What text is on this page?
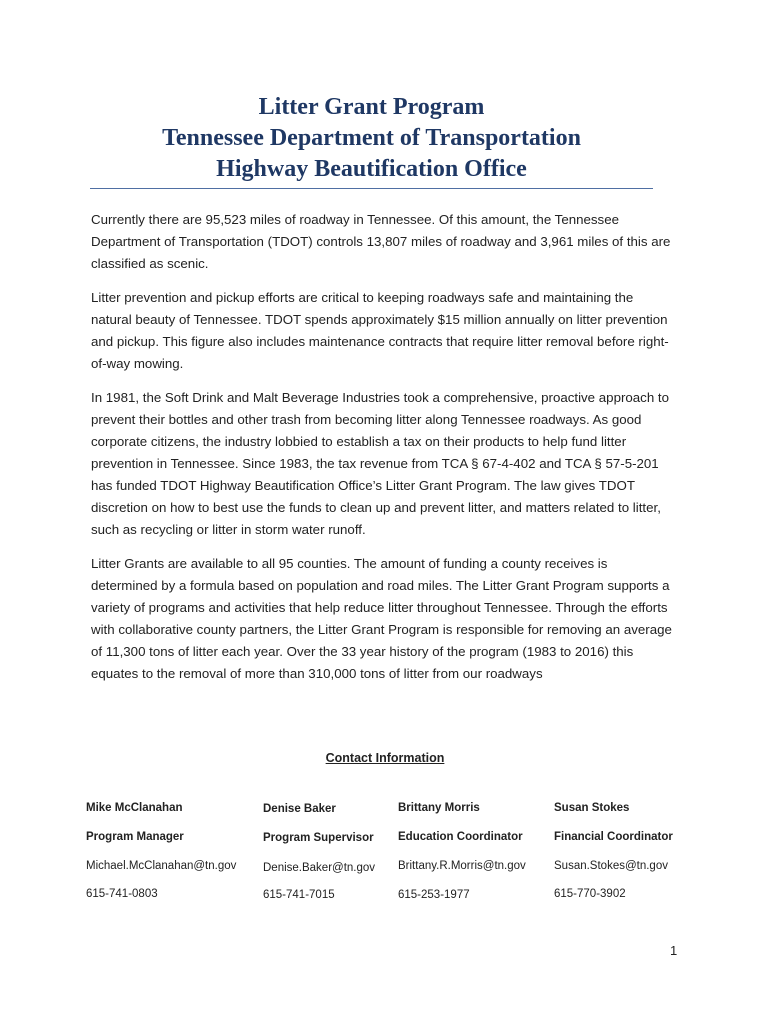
Litter Grant Program
Tennessee Department of Transportation
Highway Beautification Office

Currently there are 95,523 miles of roadway in Tennessee. Of this amount, the Tennessee Department of Transportation (TDOT) controls 13,807 miles of roadway and 3,961 miles of this are classified as scenic.

Litter prevention and pickup efforts are critical to keeping roadways safe and maintaining the natural beauty of Tennessee. TDOT spends approximately $15 million annually on litter prevention and pickup. This figure also includes maintenance contracts that require litter removal before right-of-way mowing.

In 1981, the Soft Drink and Malt Beverage Industries took a comprehensive, proactive approach to prevent their bottles and other trash from becoming litter along Tennessee roadways. As good corporate citizens, the industry lobbied to establish a tax on their products to help fund litter prevention in Tennessee. Since 1983, the tax revenue from TCA § 67-4-402 and TCA § 57-5-201 has funded TDOT Highway Beautification Office’s Litter Grant Program. The law gives TDOT discretion on how to best use the funds to clean up and prevent litter, and matters related to litter, such as recycling or litter in storm water runoff.

Litter Grants are available to all 95 counties. The amount of funding a county receives is determined by a formula based on population and road miles. The Litter Grant Program supports a variety of programs and activities that help reduce litter throughout Tennessee. Through the efforts with collaborative county partners, the Litter Grant Program is responsible for removing an average of 11,300 tons of litter each year. Over the 33 year history of the program (1983 to 2016) this equates to the removal of more than 310,000 tons of litter from our roadways

Contact Information
Mike McClanahan
Program Manager
Michael.McClanahan@tn.gov
615-741-0803
Denise Baker
Program Supervisor
Denise.Baker@tn.gov
615-741-7015
Brittany Morris
Education Coordinator
Brittany.R.Morris@tn.gov
615-253-1977
Susan Stokes
Financial Coordinator
Susan.Stokes@tn.gov
615-770-3902
1
